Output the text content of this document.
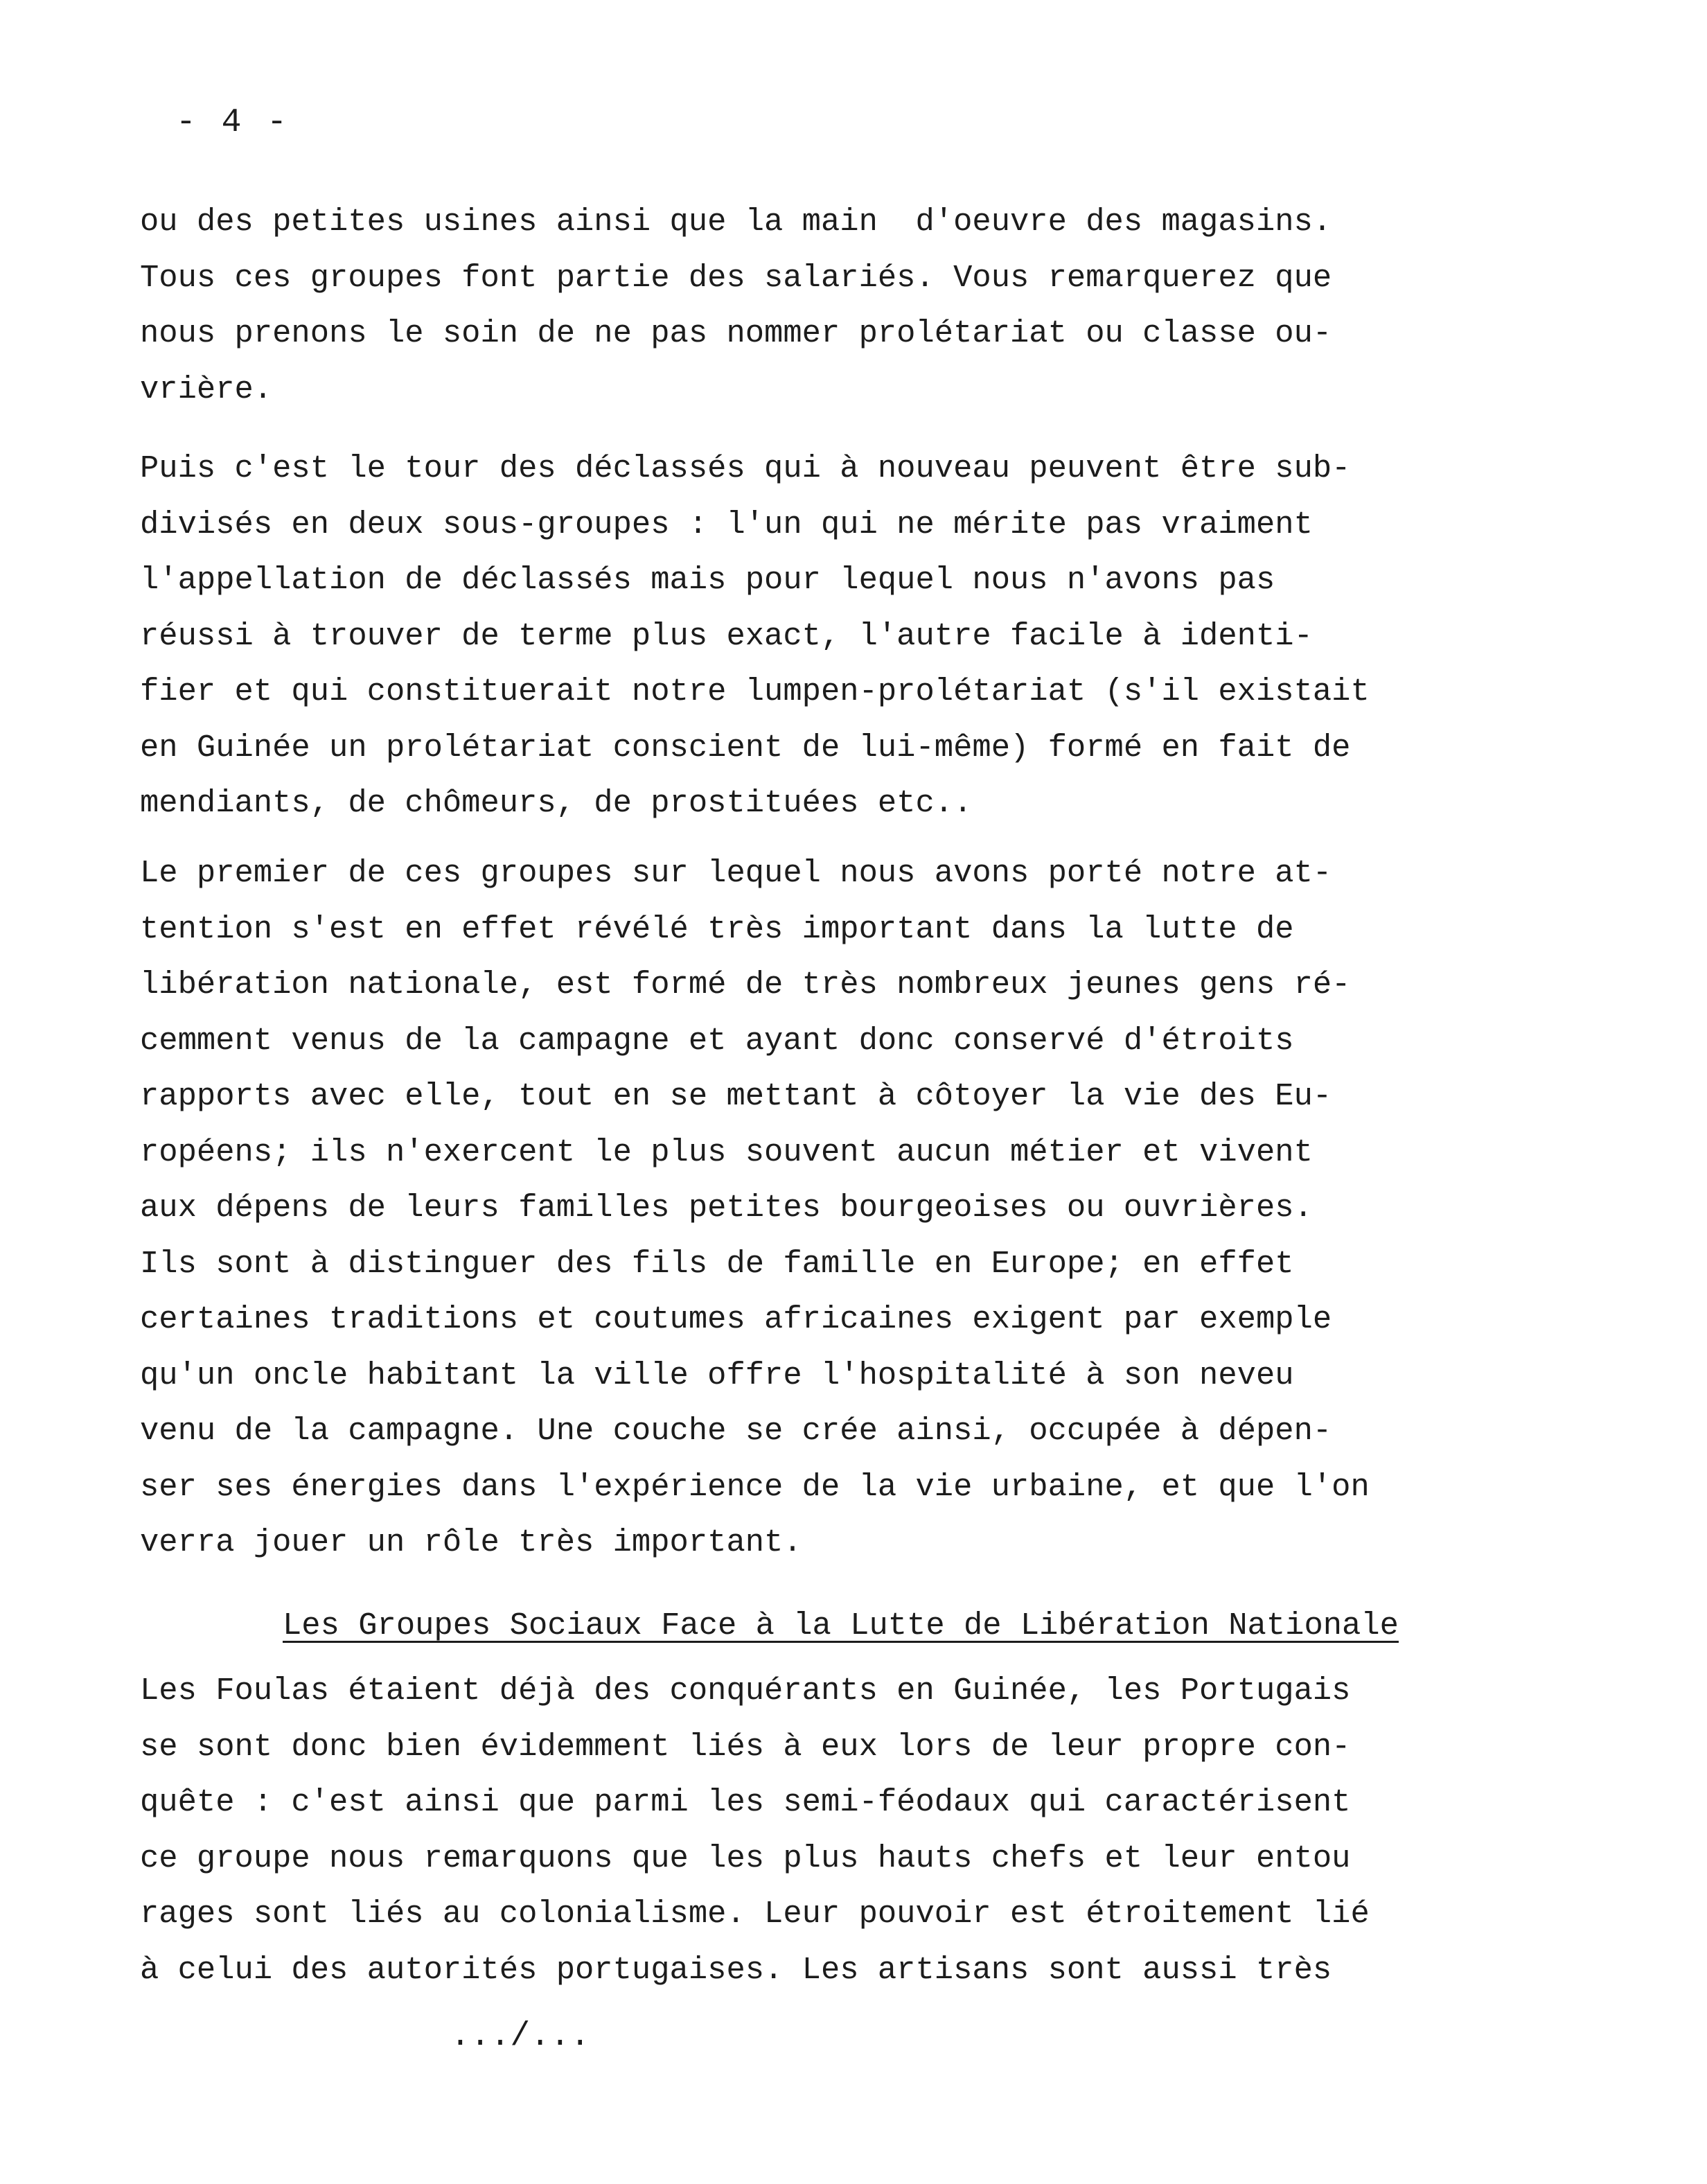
- 4 -
ou des petites usines ainsi que la main  d'oeuvre des magasins.
Tous ces groupes font partie des salariés. Vous remarquerez que
nous prenons le soin de ne pas nommer prolétariat ou classe ou-
vrière.
Puis c'est le tour des déclassés qui à nouveau peuvent être sub-
divisés en deux sous-groupes : l'un qui ne mérite pas vraiment
l'appellation de déclassés mais pour lequel nous n'avons pas
réussi à trouver de terme plus exact, l'autre facile à identi-
fier et qui constituerait notre lumpen-prolétariat (s'il existait
en Guinée un prolétariat conscient de lui-même) formé en fait de
mendiants, de chômeurs, de prostituées etc..
Le premier de ces groupes sur lequel nous avons porté notre at-
tention s'est en effet révélé très important dans la lutte de
libération nationale, est formé de très nombreux jeunes gens ré-
cemment venus de la campagne et ayant donc conservé d'étroits
rapports avec elle, tout en se mettant à côtoyer la vie des Eu-
ropéens; ils n'exercent le plus souvent aucun métier et vivent
aux dépens de leurs familles petites bourgeoises ou ouvrières.
Ils sont à distinguer des fils de famille en Europe; en effet
certaines traditions et coutumes africaines exigent par exemple
qu'un oncle habitant la ville offre l'hospitalité à son neveu
venu de la campagne. Une couche se crée ainsi, occupée à dépen-
ser ses énergies dans l'expérience de la vie urbaine, et que l'on
verra jouer un rôle très important.
Les Groupes Sociaux Face à la Lutte de Libération Nationale
Les Foulas étaient déjà des conquérants en Guinée, les Portugais
se sont donc bien évidemment liés à eux lors de leur propre con-
quête : c'est ainsi que parmi les semi-féodaux qui caractérisent
ce groupe nous remarquons que les plus hauts chefs et leur entou
rages sont liés au colonialisme. Leur pouvoir est étroitement lié
à celui des autorités portugaises. Les artisans sont aussi très
.../...
